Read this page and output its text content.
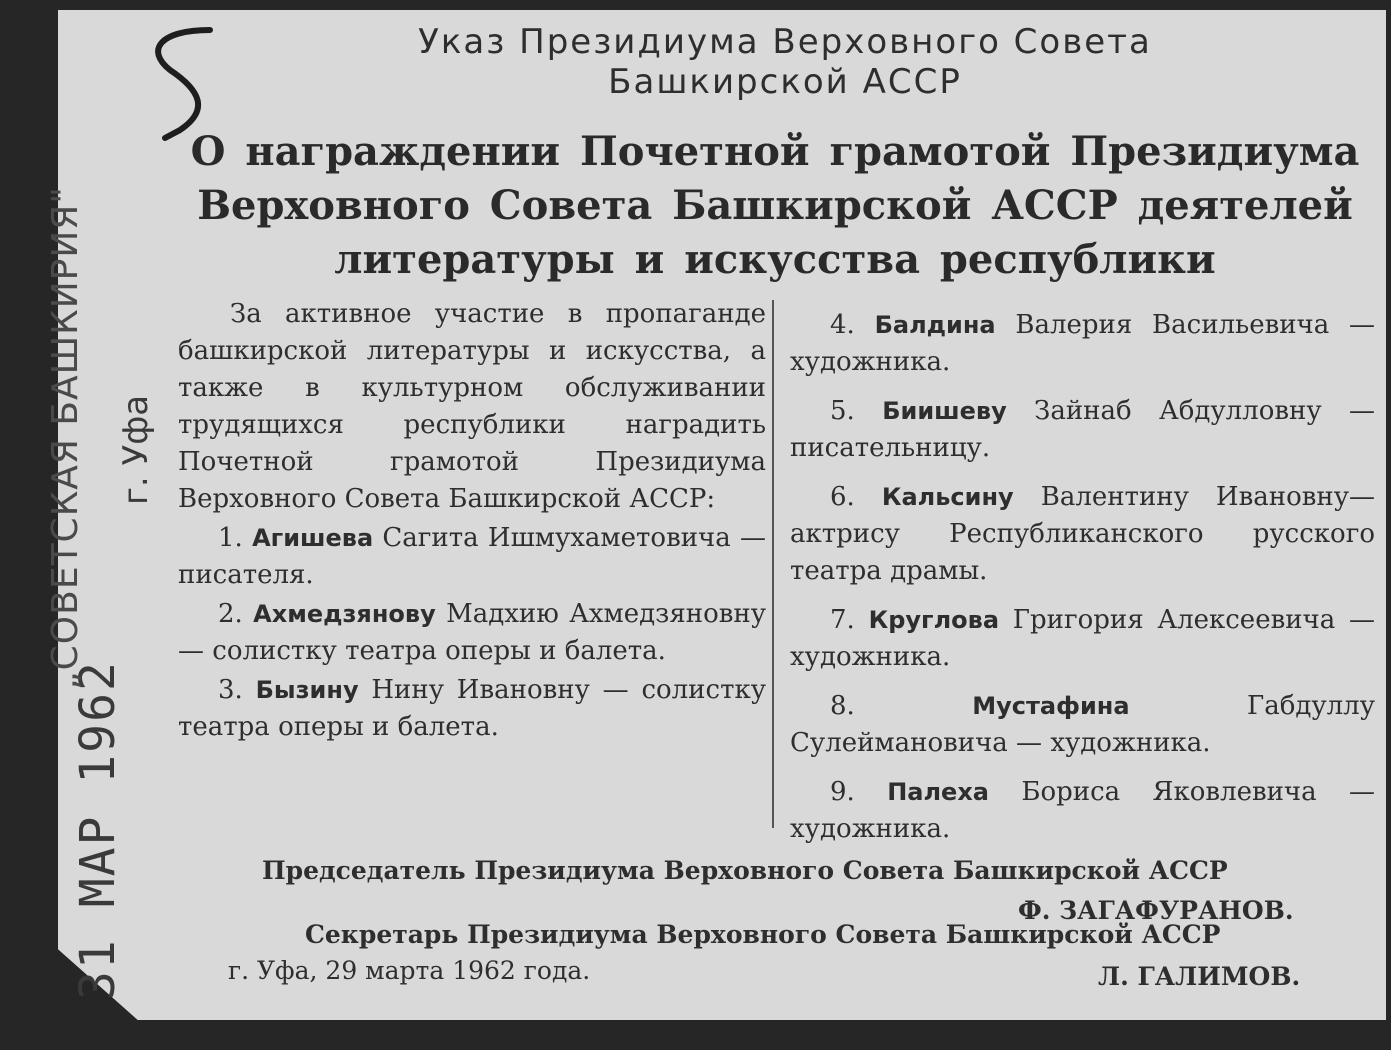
31 МАР 1962
„СОВЕТСКАЯ БАШКИРИЯ" г. Уфа
Указ Президиума Верховного Совета
Башкирской АССР
О награждении Почетной грамотой Президиума
Верховного Совета Башкирской АССР деятелей
литературы и искусства республики

За активное участие в пропаганде башкирской литературы и искусства, а также в культурном обслуживании трудящихся республики наградить Почетной грамотой Президиума Верховного Совета Башкирской АССР:

1. Агишева Сагита Ишмухаметовича — писателя.

2. Ахмедзянову Мадхию Ахмедзяновну — солистку театра оперы и балета.

3. Бызину Нину Ивановну — солистку театра оперы и балета.

4. Балдина Валерия Васильевича — художника.

5. Биишеву Зайнаб Абдулловну — писательницу.

6. Кальсину Валентину Ивановну—актрису Республиканского русского театра драмы.

7. Круглова Григория Алексеевича — художника.

8.	Мустафина Габдуллу Сулеймановича — художника.

9. Палеха Бориса Яковлевича — художника.

Председатель Президиума Верховного Совета Башкирской АССР
Ф. ЗАГАФУРАНОВ.
Секретарь Президиума Верховного Совета Башкирской АССР
г. Уфа, 29 марта 1962 года.	Л. ГАЛИМОВ.
